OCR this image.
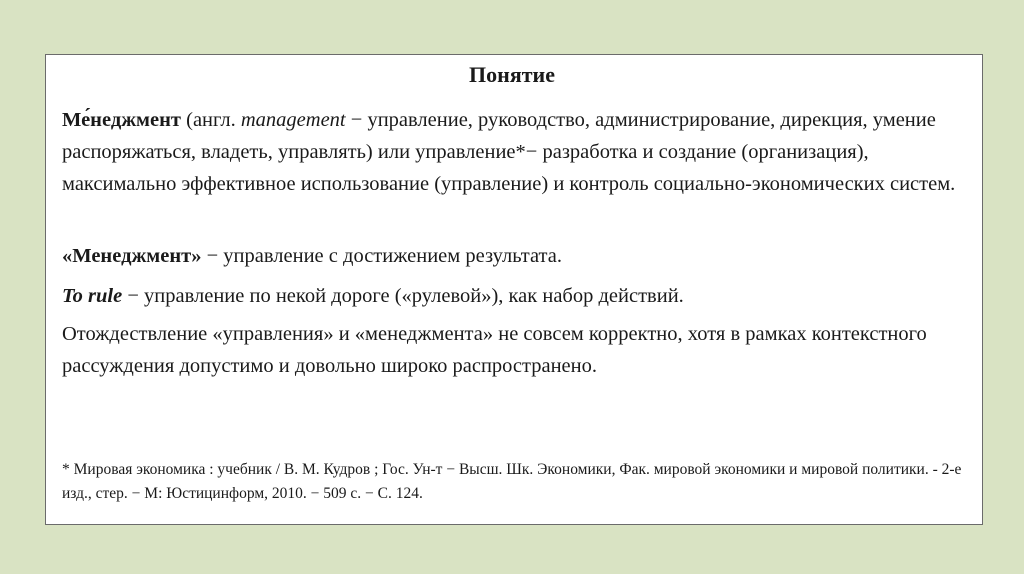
Понятие

Ме́неджмент (англ. management − управление, руководство, администрирование, дирекция, умение распоряжаться, владеть, управлять) или управление*− разработка и создание (организация), максимально эффективное использование (управление) и контроль социально-экономических систем.

«Менеджмент» − управление с достижением результата.

To rule − управление по некой дороге («рулевой»), как набор действий.

Отождествление «управления» и «менеджмента» не совсем корректно, хотя в рамках контекстного рассуждения допустимо и довольно широко распространено.

* Мировая экономика : учебник / В. М. Кудров ; Гос. Ун-т − Высш. Шк. Экономики, Фак. мировой экономики и мировой политики. - 2-е изд., стер. − М: Юстицинформ, 2010. − 509 с. − С. 124.
